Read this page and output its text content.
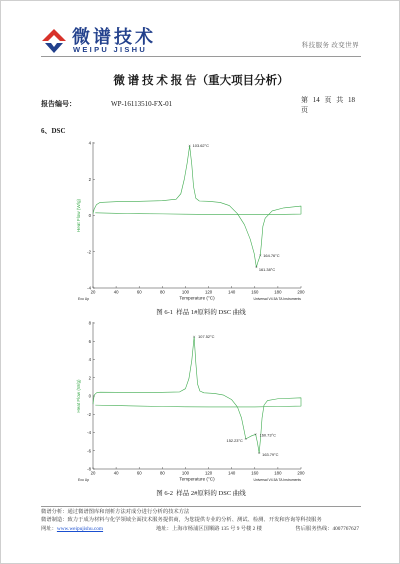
微谱技术
WEIPU JISHU	科技服务 改变世界
微 谱 技 术 报 告（重大项目分析）
报告编号：	WP-16113510-FX-01	第 14 页 共 18 页
6、DSC
4
2
0
-2
-4
20	40	60	80	100	120	140	160	180	200
103.62°C
164.76°C
161.38°C
Heat Flow (W/g)
Temperature (°C)
Exo Up	Universal V4.5A TA Instruments
图 6-1  样品 1#原料的 DSC 曲线
8
6
4
2
0
-2
-4
-6
-8
20	40	60	80	100	120	140	160	180	200
107.52°C
152.23°C
160.73°C
163.79°C
Heat Flow (W/g)
Temperature (°C)
Exo Up	Universal V4.5A TA Instruments
图 6-2  样品 2#原料的 DSC 曲线
微谱分析：通过微谱图库和剖析方法对成分进行分析的技术方法
微谱制造：致力于成为材料与化学领域全面技术服务提供商，为您提供专业的分析、测试、检测、开发和咨询等科技服务
网址：www.weipujishu.com	地址：上海市杨浦区国顺路 135 号 9 号楼 2 楼	售后服务热线：4007767627
